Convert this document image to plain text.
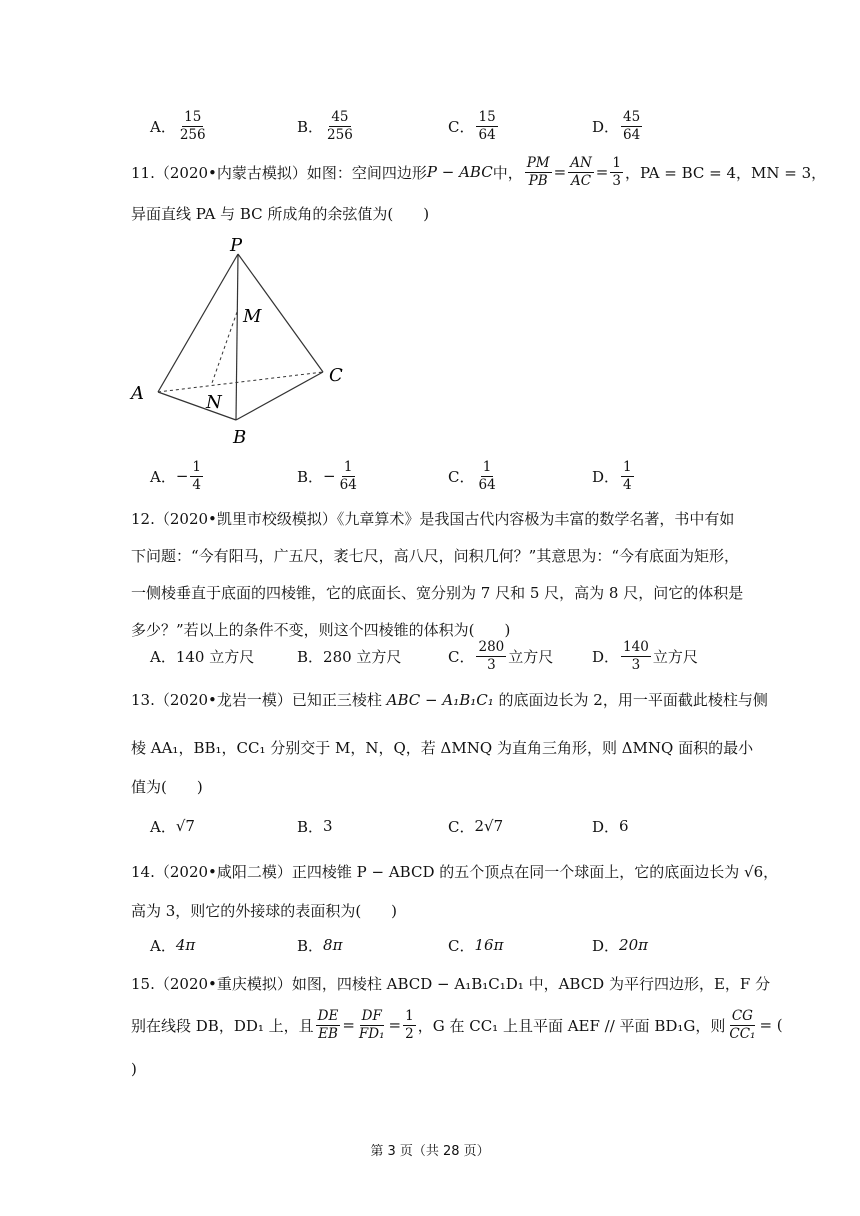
A． $\frac{15}{256}$	B． $\frac{45}{256}$	C． $\frac{15}{64}$	D． $\frac{45}{64}$
11.（2020•内蒙古模拟）如图：空间四边形 P − ABC 中， $\frac{PM}{PB} = \frac{AN}{AC} = \frac{1}{3}$ ，PA = BC = 4，MN = 3，
异面直线 PA 与 BC 所成角的余弦值为(　　)
P
M
A	N
C
B
A． − $\frac{1}{4}$	B． − $\frac{1}{64}$	C． $\frac{1}{64}$	D． $\frac{1}{4}$
12.（2020•凯里市校级模拟）《九章算术》是我国古代内容极为丰富的数学名著，书中有如
下问题：“今有阳马，广五尺，袤七尺，高八尺，问积几何？”其意思为：“今有底面为矩形，
一侧棱垂直于底面的四棱锥，它的底面长、宽分别为 7 尺和 5 尺，高为 8 尺，问它的体积是
多少？”若以上的条件不变，则这个四棱锥的体积为(　　)
A． 140 立方尺	B． 280 立方尺	C． $\frac{280}{3}$ 立方尺	D． $\frac{140}{3}$ 立方尺
13.（2020•龙岩一模）已知正三棱柱 ABC − A₁B₁C₁ 的底面边长为 2，用一平面截此棱柱与侧
棱 AA₁，BB₁，CC₁ 分别交于 M，N，Q，若 ΔMNQ 为直角三角形，则 ΔMNQ 面积的最小
值为(　　)
A． √7	B． 3	C． 2√7	D． 6
14.（2020•咸阳二模）正四棱锥 P − ABCD 的五个顶点在同一个球面上，它的底面边长为 √6，
高为 3，则它的外接球的表面积为(　　)
A． 4π	B． 8π	C． 16π	D． 20π
15.（2020•重庆模拟）如图，四棱柱 ABCD − A₁B₁C₁D₁ 中，ABCD 为平行四边形，E，F 分
别在线段 DB，DD₁ 上，且 $\frac{DE}{EB} = \frac{DF}{\text{FD₁}} = \frac{1}{2}$ ，G 在 CC₁ 上且平面 AEF // 平面 BD₁G，则 $\frac{CG}{\text{CC₁}}$ = (
)
第 3 页（共 28 页）
